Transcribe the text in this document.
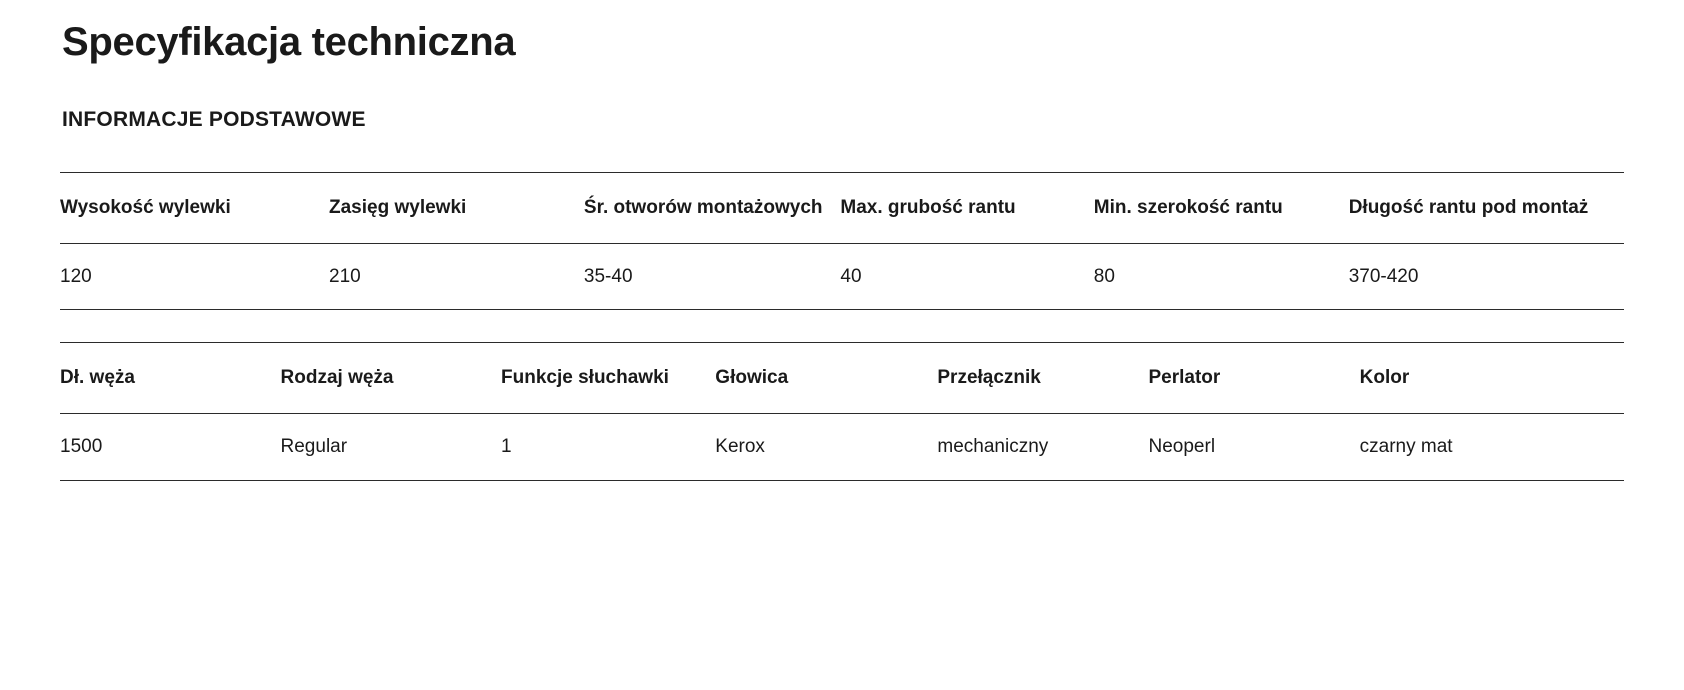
Specyfikacja techniczna
INFORMACJE PODSTAWOWE
Wysokość wylewki	Zasięg wylewki	Śr. otworów montażowych	Max. grubość rantu	Min. szerokość rantu	Długość rantu pod montaż
120	210	35-40	40	80	370-420
Dł. węża	Rodzaj węża	Funkcje słuchawki	Głowica	Przełącznik	Perlator	Kolor
1500	Regular	1	Kerox	mechaniczny	Neoperl	czarny mat
